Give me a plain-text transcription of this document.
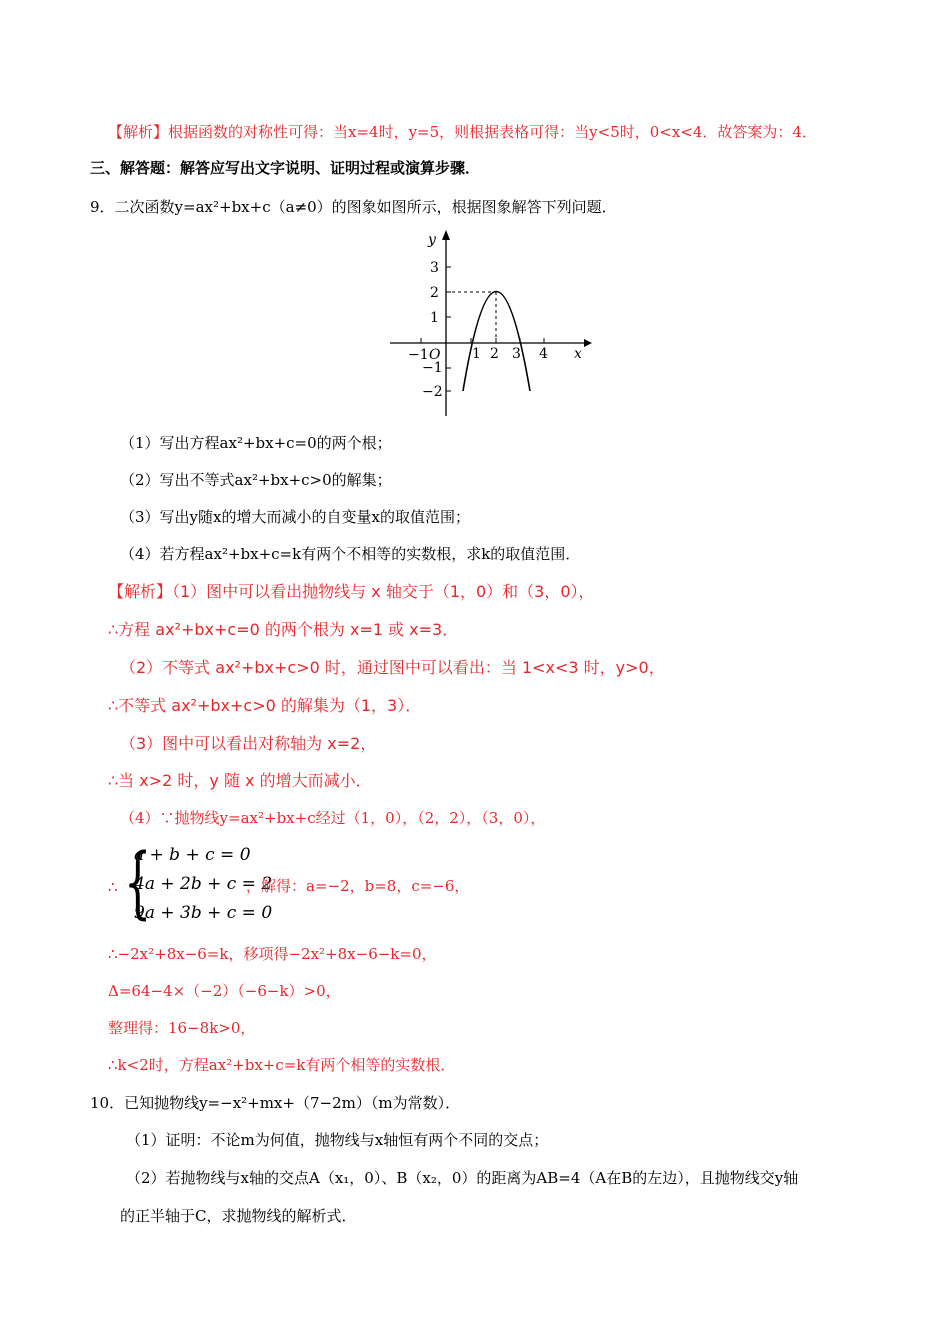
【解析】根据函数的对称性可得：当x=4时，y=5，则根据表格可得：当y<5时，0<x<4．故答案为：4．
三、解答题：解答应写出文字说明、证明过程或演算步骤．
9．二次函数y=ax²+bx+c（a≠0）的图象如图所示，根据图象解答下列问题．
y
x
O
−1	1 2 3 4
3
2
1
−1
−2
（1）写出方程ax²+bx+c=0的两个根；
（2）写出不等式ax²+bx+c>0的解集；
（3）写出y随x的增大而减小的自变量x的取值范围；
（4）若方程ax²+bx+c=k有两个不相等的实数根，求k的取值范围．
【解析】（1）图中可以看出抛物线与 x 轴交于（1，0）和（3，0），
∴方程 ax²+bx+c=0 的两个根为 x=1 或 x=3．
（2）不等式 ax²+bx+c>0 时，通过图中可以看出：当 1<x<3 时，y>0，
∴不等式 ax²+bx+c>0 的解集为（1，3）．
（3）图中可以看出对称轴为 x=2，
∴当 x>2 时，y 随 x 的增大而减小．
（4）∵抛物线y=ax²+bx+c经过（1，0），（2，2），（3，0），
∴ {
a + b + c = 0
4a + 2b + c = 2
9a + 3b + c = 0
，解得：a=−2，b=8，c=−6，
∴−2x²+8x−6=k，移项得−2x²+8x−6−k=0，
Δ=64−4×（−2）（−6−k）>0，
整理得：16−8k>0，
∴k<2时，方程ax²+bx+c=k有两个相等的实数根．
10．已知抛物线y=−x²+mx+（7−2m）（m为常数）．
（1）证明：不论m为何值，抛物线与x轴恒有两个不同的交点；
（2）若抛物线与x轴的交点A（x₁，0）、B（x₂，0）的距离为AB=4（A在B的左边），且抛物线交y轴
的正半轴于C，求抛物线的解析式．
